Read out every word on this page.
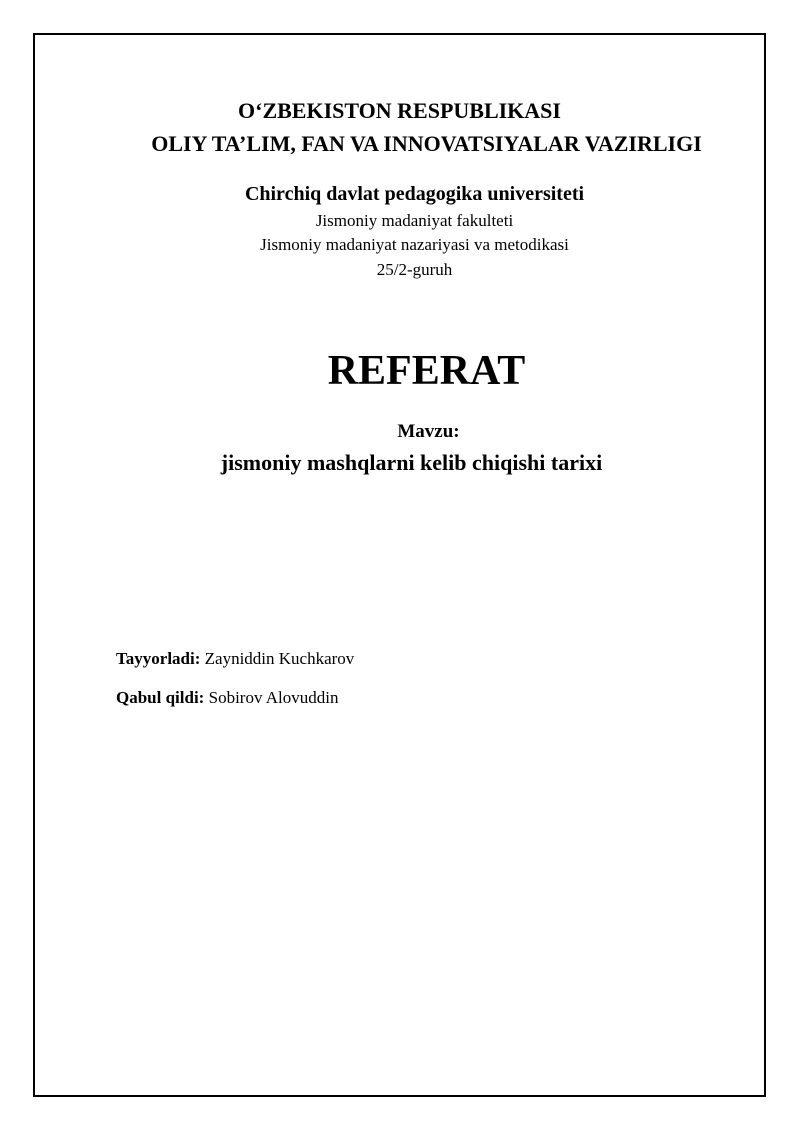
O‘ZBEKISTON RESPUBLIKASI
OLIY TA’LIM, FAN VA INNOVATSIYALAR VAZIRLIGI
Chirchiq davlat pedagogika universiteti
Jismoniy madaniyat fakulteti
Jismoniy madaniyat nazariyasi va metodikasi
25/2-guruh
REFERAT
Mavzu:
jismoniy mashqlarni kelib chiqishi tarixi
Tayyorladi: Zayniddin Kuchkarov
Qabul qildi: Sobirov Alovuddin
